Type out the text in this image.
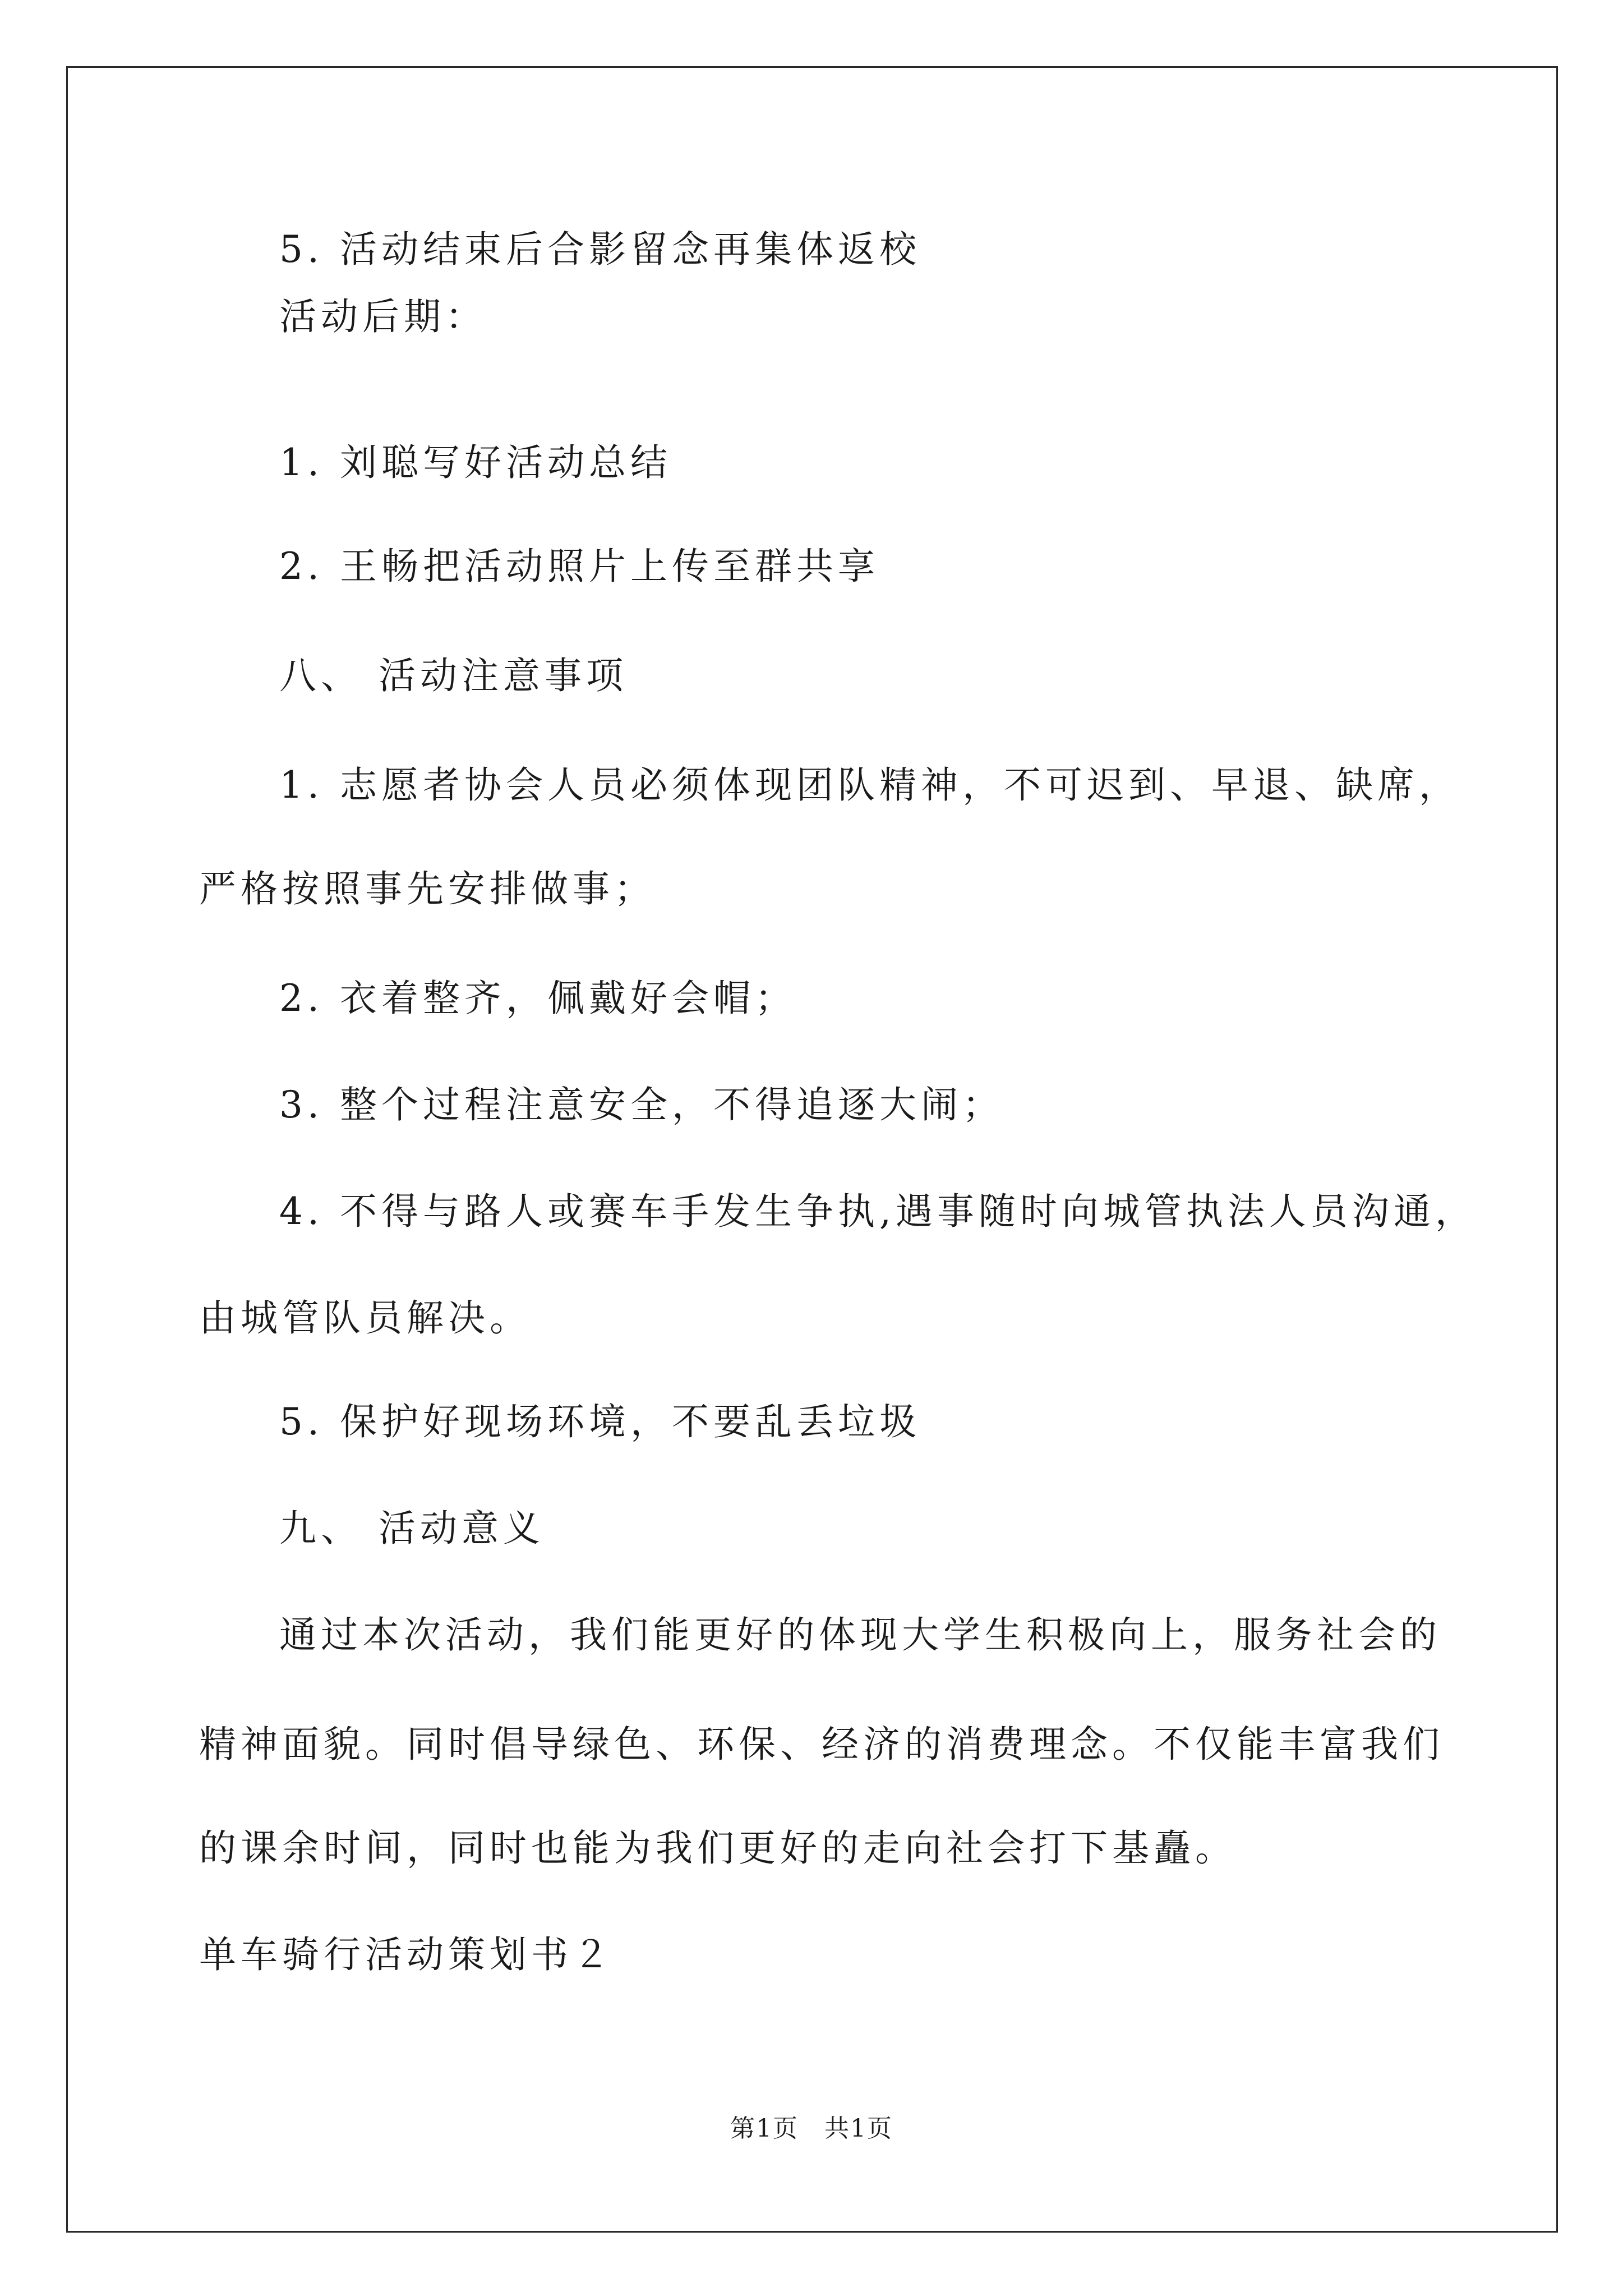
5. 活动结束后合影留念再集体返校
活动后期：
1. 刘聪写好活动总结
2. 王畅把活动照片上传至群共享
八、 活动注意事项
1. 志愿者协会人员必须体现团队精神，不可迟到、早退、缺席，
严格按照事先安排做事；
2. 衣着整齐，佩戴好会帽；
3. 整个过程注意安全，不得追逐大闹；
4. 不得与路人或赛车手发生争执,遇事随时向城管执法人员沟通，
由城管队员解决。
5. 保护好现场环境，不要乱丢垃圾
九、 活动意义
通过本次活动，我们能更好的体现大学生积极向上，服务社会的
精神面貌。同时倡导绿色、环保、经济的消费理念。不仅能丰富我们
的课余时间，同时也能为我们更好的走向社会打下基矗。
单车骑行活动策划书２
第1页　共1页
